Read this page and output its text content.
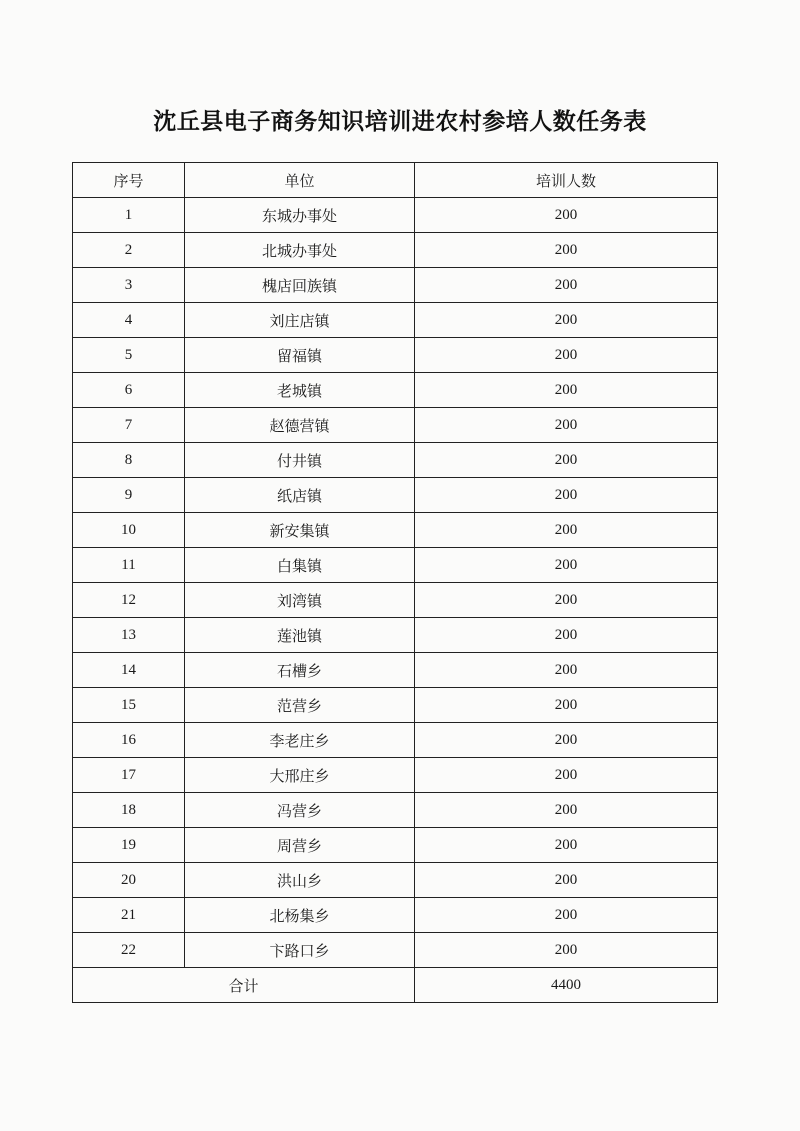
沈丘县电子商务知识培训进农村参培人数任务表
序号	单位	培训人数
1	东城办事处	200
2	北城办事处	200
3	槐店回族镇	200
4	刘庄店镇	200
5	留福镇	200
6	老城镇	200
7	赵德营镇	200
8	付井镇	200
9	纸店镇	200
10	新安集镇	200
11	白集镇	200
12	刘湾镇	200
13	莲池镇	200
14	石槽乡	200
15	范营乡	200
16	李老庄乡	200
17	大邢庄乡	200
18	冯营乡	200
19	周营乡	200
20	洪山乡	200
21	北杨集乡	200
22	卞路口乡	200
合计		4400
